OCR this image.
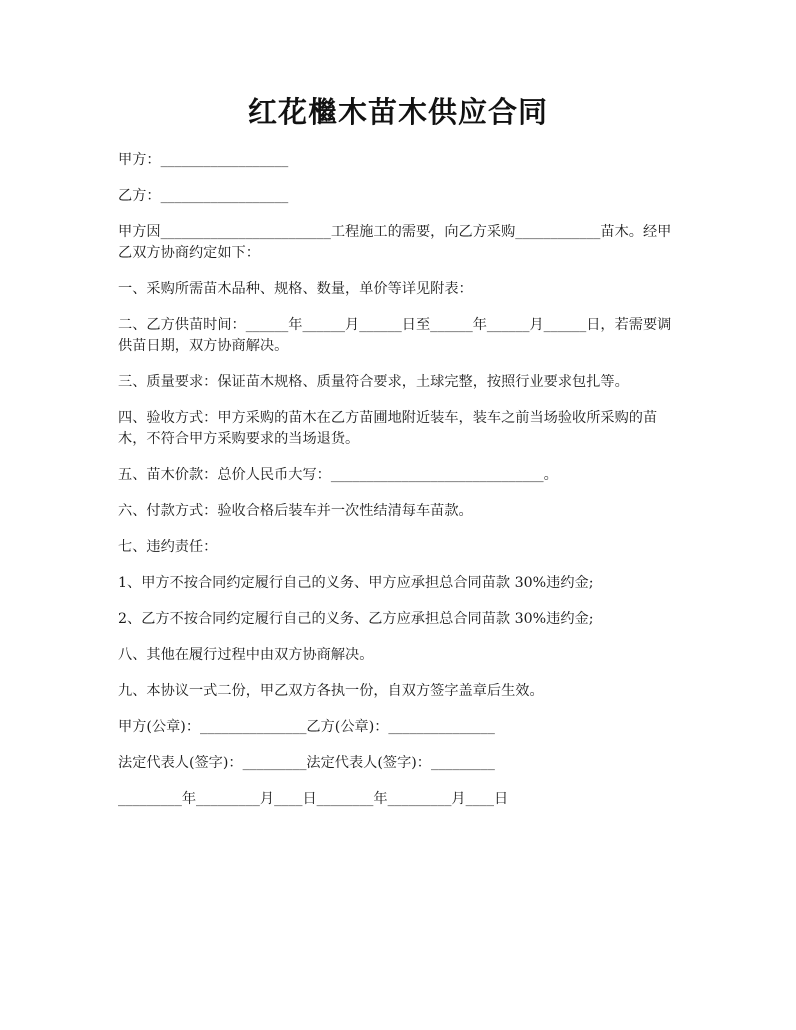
红花檵木苗木供应合同

甲方：__________________

乙方：__________________

甲方因________________________工程施工的需要，向乙方采购____________苗木。经甲乙双方协商约定如下：

一、采购所需苗木品种、规格、数量，单价等详见附表：

二、乙方供苗时间：______年______月______日至______年______月______日，若需要调供苗日期，双方协商解决。

三、质量要求：保证苗木规格、质量符合要求，土球完整，按照行业要求包扎等。

四、验收方式：甲方采购的苗木在乙方苗圃地附近装车，装车之前当场验收所采购的苗木，不符合甲方采购要求的当场退货。

五、苗木价款：总价人民币大写：______________________________。

六、付款方式：验收合格后装车并一次性结清每车苗款。

七、违约责任：

1、甲方不按合同约定履行自己的义务、甲方应承担总合同苗款 30%违约金;

2、乙方不按合同约定履行自己的义务、乙方应承担总合同苗款 30%违约金;

八、其他在履行过程中由双方协商解决。

九、本协议一式二份，甲乙双方各执一份，自双方签字盖章后生效。

甲方(公章)：_______________乙方(公章)：_______________

法定代表人(签字)：_________法定代表人(签字)：_________

_________年_________月____日________年_________月____日
